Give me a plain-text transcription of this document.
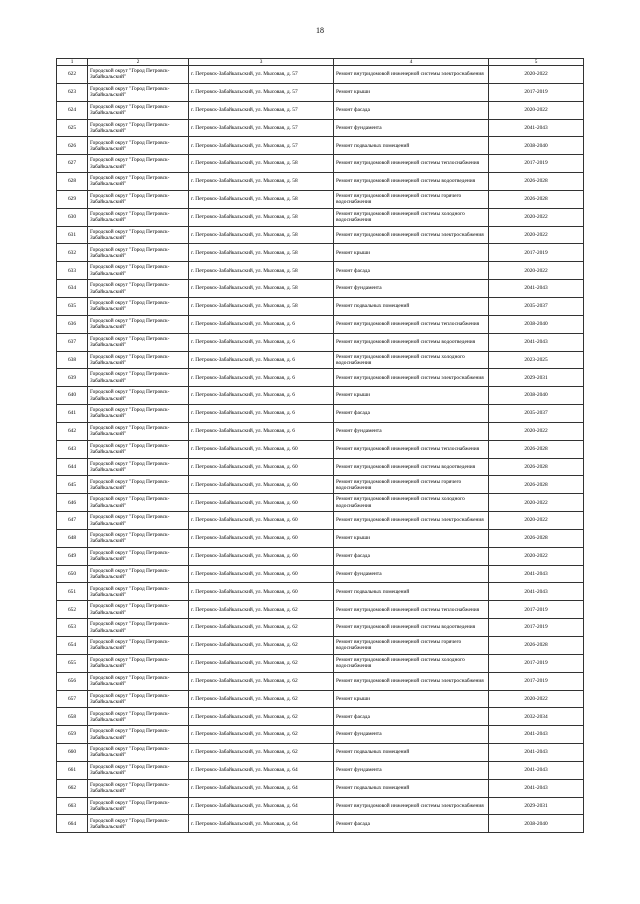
18
1	2	3	4	5
622	Городской округ "Город Петровск-Забайкальский"	г. Петровск-Забайкальский, ул. Мысовая, д. 57	Ремонт внутридомовой инженерной системы электроснабжения	2020-2022
623	Городской округ "Город Петровск-Забайкальский"	г. Петровск-Забайкальский, ул. Мысовая, д. 57	Ремонт крыши	2017-2019
624	Городской округ "Город Петровск-Забайкальский"	г. Петровск-Забайкальский, ул. Мысовая, д. 57	Ремонт фасада	2020-2022
625	Городской округ "Город Петровск-Забайкальский"	г. Петровск-Забайкальский, ул. Мысовая, д. 57	Ремонт фундамента	2041-2043
626	Городской округ "Город Петровск-Забайкальский"	г. Петровск-Забайкальский, ул. Мысовая, д. 57	Ремонт подвальных помещений	2038-2040
627	Городской округ "Город Петровск-Забайкальский"	г. Петровск-Забайкальский, ул. Мысовая, д. 58	Ремонт внутридомовой инженерной системы теплоснабжения	2017-2019
628	Городской округ "Город Петровск-Забайкальский"	г. Петровск-Забайкальский, ул. Мысовая, д. 58	Ремонт внутридомовой инженерной системы водоотведения	2026-2028
629	Городской округ "Город Петровск-Забайкальский"	г. Петровск-Забайкальский, ул. Мысовая, д. 58	Ремонт внутридомовой инженерной системы горячего водоснабжения	2026-2028
630	Городской округ "Город Петровск-Забайкальский"	г. Петровск-Забайкальский, ул. Мысовая, д. 58	Ремонт внутридомовой инженерной системы холодного водоснабжения	2020-2022
631	Городской округ "Город Петровск-Забайкальский"	г. Петровск-Забайкальский, ул. Мысовая, д. 58	Ремонт внутридомовой инженерной системы электроснабжения	2020-2022
632	Городской округ "Город Петровск-Забайкальский"	г. Петровск-Забайкальский, ул. Мысовая, д. 58	Ремонт крыши	2017-2019
633	Городской округ "Город Петровск-Забайкальский"	г. Петровск-Забайкальский, ул. Мысовая, д. 58	Ремонт фасада	2020-2022
634	Городской округ "Город Петровск-Забайкальский"	г. Петровск-Забайкальский, ул. Мысовая, д. 58	Ремонт фундамента	2041-2043
635	Городской округ "Город Петровск-Забайкальский"	г. Петровск-Забайкальский, ул. Мысовая, д. 58	Ремонт подвальных помещений	2035-2037
636	Городской округ "Город Петровск-Забайкальский"	г. Петровск-Забайкальский, ул. Мысовая, д. 6	Ремонт внутридомовой инженерной системы теплоснабжения	2038-2040
637	Городской округ "Город Петровск-Забайкальский"	г. Петровск-Забайкальский, ул. Мысовая, д. 6	Ремонт внутридомовой инженерной системы водоотведения	2041-2043
638	Городской округ "Город Петровск-Забайкальский"	г. Петровск-Забайкальский, ул. Мысовая, д. 6	Ремонт внутридомовой инженерной системы холодного водоснабжения	2023-2025
639	Городской округ "Город Петровск-Забайкальский"	г. Петровск-Забайкальский, ул. Мысовая, д. 6	Ремонт внутридомовой инженерной системы электроснабжения	2029-2031
640	Городской округ "Город Петровск-Забайкальский"	г. Петровск-Забайкальский, ул. Мысовая, д. 6	Ремонт крыши	2038-2040
641	Городской округ "Город Петровск-Забайкальский"	г. Петровск-Забайкальский, ул. Мысовая, д. 6	Ремонт фасада	2035-2037
642	Городской округ "Город Петровск-Забайкальский"	г. Петровск-Забайкальский, ул. Мысовая, д. 6	Ремонт фундамента	2020-2022
643	Городской округ "Город Петровск-Забайкальский"	г. Петровск-Забайкальский, ул. Мысовая, д. 60	Ремонт внутридомовой инженерной системы теплоснабжения	2026-2028
644	Городской округ "Город Петровск-Забайкальский"	г. Петровск-Забайкальский, ул. Мысовая, д. 60	Ремонт внутридомовой инженерной системы водоотведения	2026-2028
645	Городской округ "Город Петровск-Забайкальский"	г. Петровск-Забайкальский, ул. Мысовая, д. 60	Ремонт внутридомовой инженерной системы горячего водоснабжения	2026-2028
646	Городской округ "Город Петровск-Забайкальский"	г. Петровск-Забайкальский, ул. Мысовая, д. 60	Ремонт внутридомовой инженерной системы холодного водоснабжения	2020-2022
647	Городской округ "Город Петровск-Забайкальский"	г. Петровск-Забайкальский, ул. Мысовая, д. 60	Ремонт внутридомовой инженерной системы электроснабжения	2020-2022
648	Городской округ "Город Петровск-Забайкальский"	г. Петровск-Забайкальский, ул. Мысовая, д. 60	Ремонт крыши	2026-2028
649	Городской округ "Город Петровск-Забайкальский"	г. Петровск-Забайкальский, ул. Мысовая, д. 60	Ремонт фасада	2020-2022
650	Городской округ "Город Петровск-Забайкальский"	г. Петровск-Забайкальский, ул. Мысовая, д. 60	Ремонт фундамента	2041-2043
651	Городской округ "Город Петровск-Забайкальский"	г. Петровск-Забайкальский, ул. Мысовая, д. 60	Ремонт подвальных помещений	2041-2043
652	Городской округ "Город Петровск-Забайкальский"	г. Петровск-Забайкальский, ул. Мысовая, д. 62	Ремонт внутридомовой инженерной системы теплоснабжения	2017-2019
653	Городской округ "Город Петровск-Забайкальский"	г. Петровск-Забайкальский, ул. Мысовая, д. 62	Ремонт внутридомовой инженерной системы водоотведения	2017-2019
654	Городской округ "Город Петровск-Забайкальский"	г. Петровск-Забайкальский, ул. Мысовая, д. 62	Ремонт внутридомовой инженерной системы горячего водоснабжения	2026-2028
655	Городской округ "Город Петровск-Забайкальский"	г. Петровск-Забайкальский, ул. Мысовая, д. 62	Ремонт внутридомовой инженерной системы холодного водоснабжения	2017-2019
656	Городской округ "Город Петровск-Забайкальский"	г. Петровск-Забайкальский, ул. Мысовая, д. 62	Ремонт внутридомовой инженерной системы электроснабжения	2017-2019
657	Городской округ "Город Петровск-Забайкальский"	г. Петровск-Забайкальский, ул. Мысовая, д. 62	Ремонт крыши	2020-2022
658	Городской округ "Город Петровск-Забайкальский"	г. Петровск-Забайкальский, ул. Мысовая, д. 62	Ремонт фасада	2032-2034
659	Городской округ "Город Петровск-Забайкальский"	г. Петровск-Забайкальский, ул. Мысовая, д. 62	Ремонт фундамента	2041-2043
660	Городской округ "Город Петровск-Забайкальский"	г. Петровск-Забайкальский, ул. Мысовая, д. 62	Ремонт подвальных помещений	2041-2043
661	Городской округ "Город Петровск-Забайкальский"	г. Петровск-Забайкальский, ул. Мысовая, д. 64	Ремонт фундамента	2041-2043
662	Городской округ "Город Петровск-Забайкальский"	г. Петровск-Забайкальский, ул. Мысовая, д. 64	Ремонт подвальных помещений	2041-2043
663	Городской округ "Город Петровск-Забайкальский"	г. Петровск-Забайкальский, ул. Мысовая, д. 64	Ремонт внутридомовой инженерной системы электроснабжения	2029-2031
664	Городской округ "Город Петровск-Забайкальский"	г. Петровск-Забайкальский, ул. Мысовая, д. 64	Ремонт фасада	2038-2040
